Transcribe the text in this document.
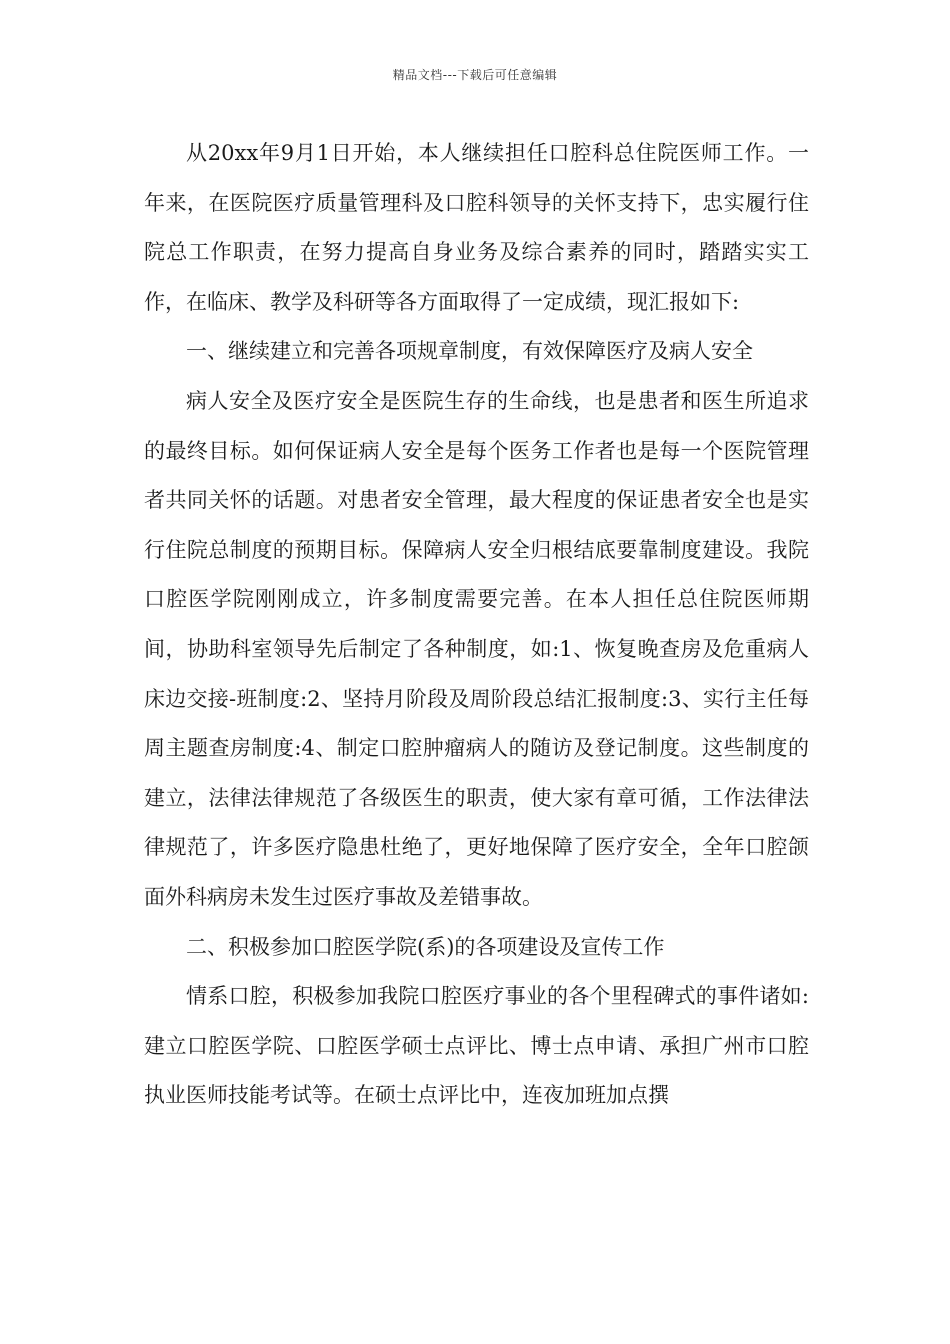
精品文档---下载后可任意编辑

从20xx年9月1日开始，本人继续担任口腔科总住院医师工作。一年来，在医院医疗质量管理科及口腔科领导的关怀支持下，忠实履行住院总工作职责，在努力提高自身业务及综合素养的同时，踏踏实实工作，在临床、教学及科研等各方面取得了一定成绩，现汇报如下:

一、继续建立和完善各项规章制度，有效保障医疗及病人安全

病人安全及医疗安全是医院生存的生命线，也是患者和医生所追求的最终目标。如何保证病人安全是每个医务工作者也是每一个医院管理者共同关怀的话题。对患者安全管理，最大程度的保证患者安全也是实行住院总制度的预期目标。保障病人安全归根结底要靠制度建设。我院口腔医学院刚刚成立，许多制度需要完善。在本人担任总住院医师期间，协助科室领导先后制定了各种制度，如:1、恢复晚查房及危重病人床边交接-班制度:2、坚持月阶段及周阶段总结汇报制度:3、实行主任每周主题查房制度:4、制定口腔肿瘤病人的随访及登记制度。这些制度的建立，法律法律规范了各级医生的职责，使大家有章可循，工作法律法律规范了，许多医疗隐患杜绝了，更好地保障了医疗安全，全年口腔颌面外科病房未发生过医疗事故及差错事故。

二、积极参加口腔医学院(系)的各项建设及宣传工作

情系口腔，积极参加我院口腔医疗事业的各个里程碑式的事件诸如:建立口腔医学院、口腔医学硕士点评比、博士点申请、承担广州市口腔执业医师技能考试等。在硕士点评比中，连夜加班加点撰
